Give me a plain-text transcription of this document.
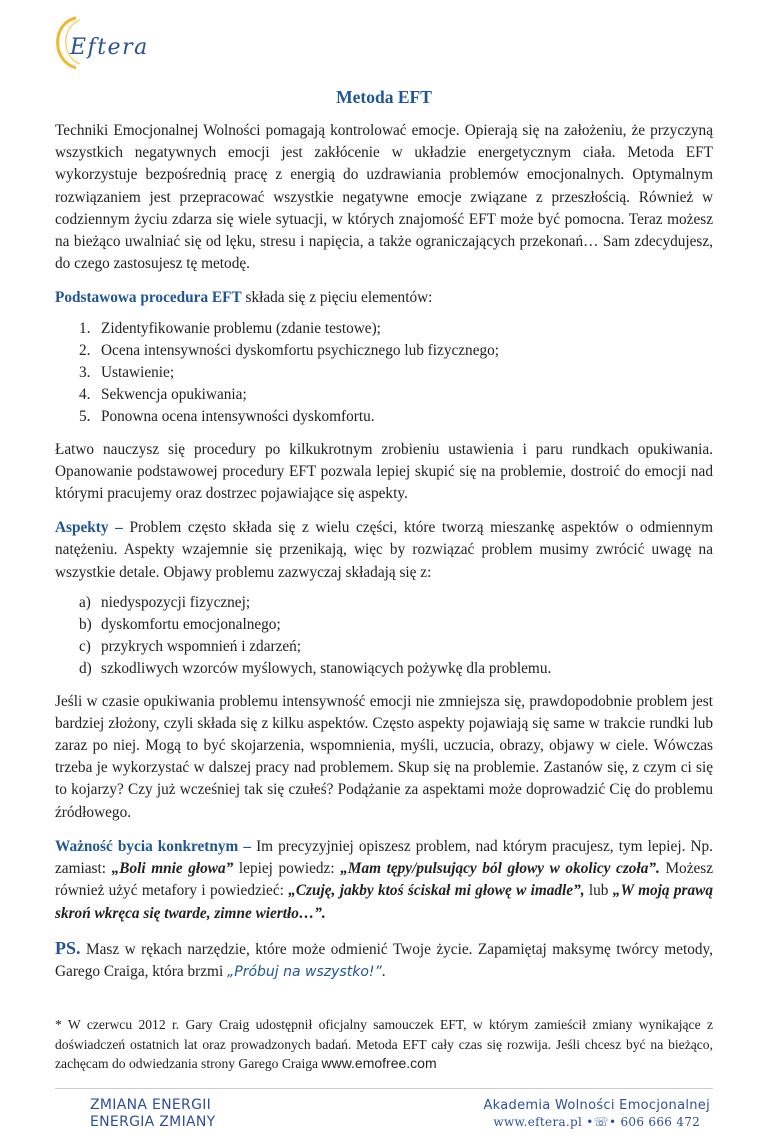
Eftera
Metoda EFT
Techniki Emocjonalnej Wolności pomagają kontrolować emocje. Opierają się na założeniu, że przyczyną wszystkich negatywnych emocji jest zakłócenie w układzie energetycznym ciała. Metoda EFT wykorzystuje bezpośrednią pracę z energią do uzdrawiania problemów emocjonalnych. Optymalnym rozwiązaniem jest przepracować wszystkie negatywne emocje związane z przeszłością. Również w codziennym życiu zdarza się wiele sytuacji, w których znajomość EFT może być pomocna. Teraz możesz na bieżąco uwalniać się od lęku, stresu i napięcia, a także ograniczających przekonań… Sam zdecydujesz, do czego zastosujesz tę metodę.
Podstawowa procedura EFT składa się z pięciu elementów:
1. Zidentyfikowanie problemu (zdanie testowe);
2. Ocena intensywności dyskomfortu psychicznego lub fizycznego;
3. Ustawienie;
4. Sekwencja opukiwania;
5. Ponowna ocena intensywności dyskomfortu.
Łatwo nauczysz się procedury po kilkukrotnym zrobieniu ustawienia i paru rundkach opukiwania. Opanowanie podstawowej procedury EFT pozwala lepiej skupić się na problemie, dostroić do emocji nad którymi pracujemy oraz dostrzec pojawiające się aspekty.
Aspekty – Problem często składa się z wielu części, które tworzą mieszankę aspektów o odmiennym natężeniu. Aspekty wzajemnie się przenikają, więc by rozwiązać problem musimy zwrócić uwagę na wszystkie detale. Objawy problemu zazwyczaj składają się z:
a) niedyspozycji fizycznej;
b) dyskomfortu emocjonalnego;
c) przykrych wspomnień i zdarzeń;
d) szkodliwych wzorców myślowych, stanowiących pożywkę dla problemu.
Jeśli w czasie opukiwania problemu intensywność emocji nie zmniejsza się, prawdopodobnie problem jest bardziej złożony, czyli składa się z kilku aspektów. Często aspekty pojawiają się same w trakcie rundki lub zaraz po niej. Mogą to być skojarzenia, wspomnienia, myśli, uczucia, obrazy, objawy w ciele. Wówczas trzeba je wykorzystać w dalszej pracy nad problemem. Skup się na problemie. Zastanów się, z czym ci się to kojarzy? Czy już wcześniej tak się czułeś? Podążanie za aspektami może doprowadzić Cię do problemu źródłowego.
Ważność bycia konkretnym – Im precyzyjniej opiszesz problem, nad którym pracujesz, tym lepiej. Np. zamiast: „Boli mnie głowa” lepiej powiedz: „Mam tępy/pulsujący ból głowy w okolicy czoła”. Możesz również użyć metafory i powiedzieć: „Czuję, jakby ktoś ściskał mi głowę w imadle”, lub „W moją prawą skroń wkręca się twarde, zimne wiertło…”.
PS. Masz w rękach narzędzie, które może odmienić Twoje życie. Zapamiętaj maksymę twórcy metody, Garego Craiga, która brzmi „Próbuj na wszystko!”.
* W czerwcu 2012 r. Gary Craig udostępnił oficjalny samouczek EFT, w którym zamieścił zmiany wynikające z doświadczeń ostatnich lat oraz prowadzonych badań. Metoda EFT cały czas się rozwija. Jeśli chcesz być na bieżąco, zachęcam do odwiedzania strony Garego Craiga www.emofree.com
ZMIANA ENERGII
ENERGIA ZMIANY
Akademia Wolności Emocjonalnej
www.eftera.pl •☏• 606 666 472
